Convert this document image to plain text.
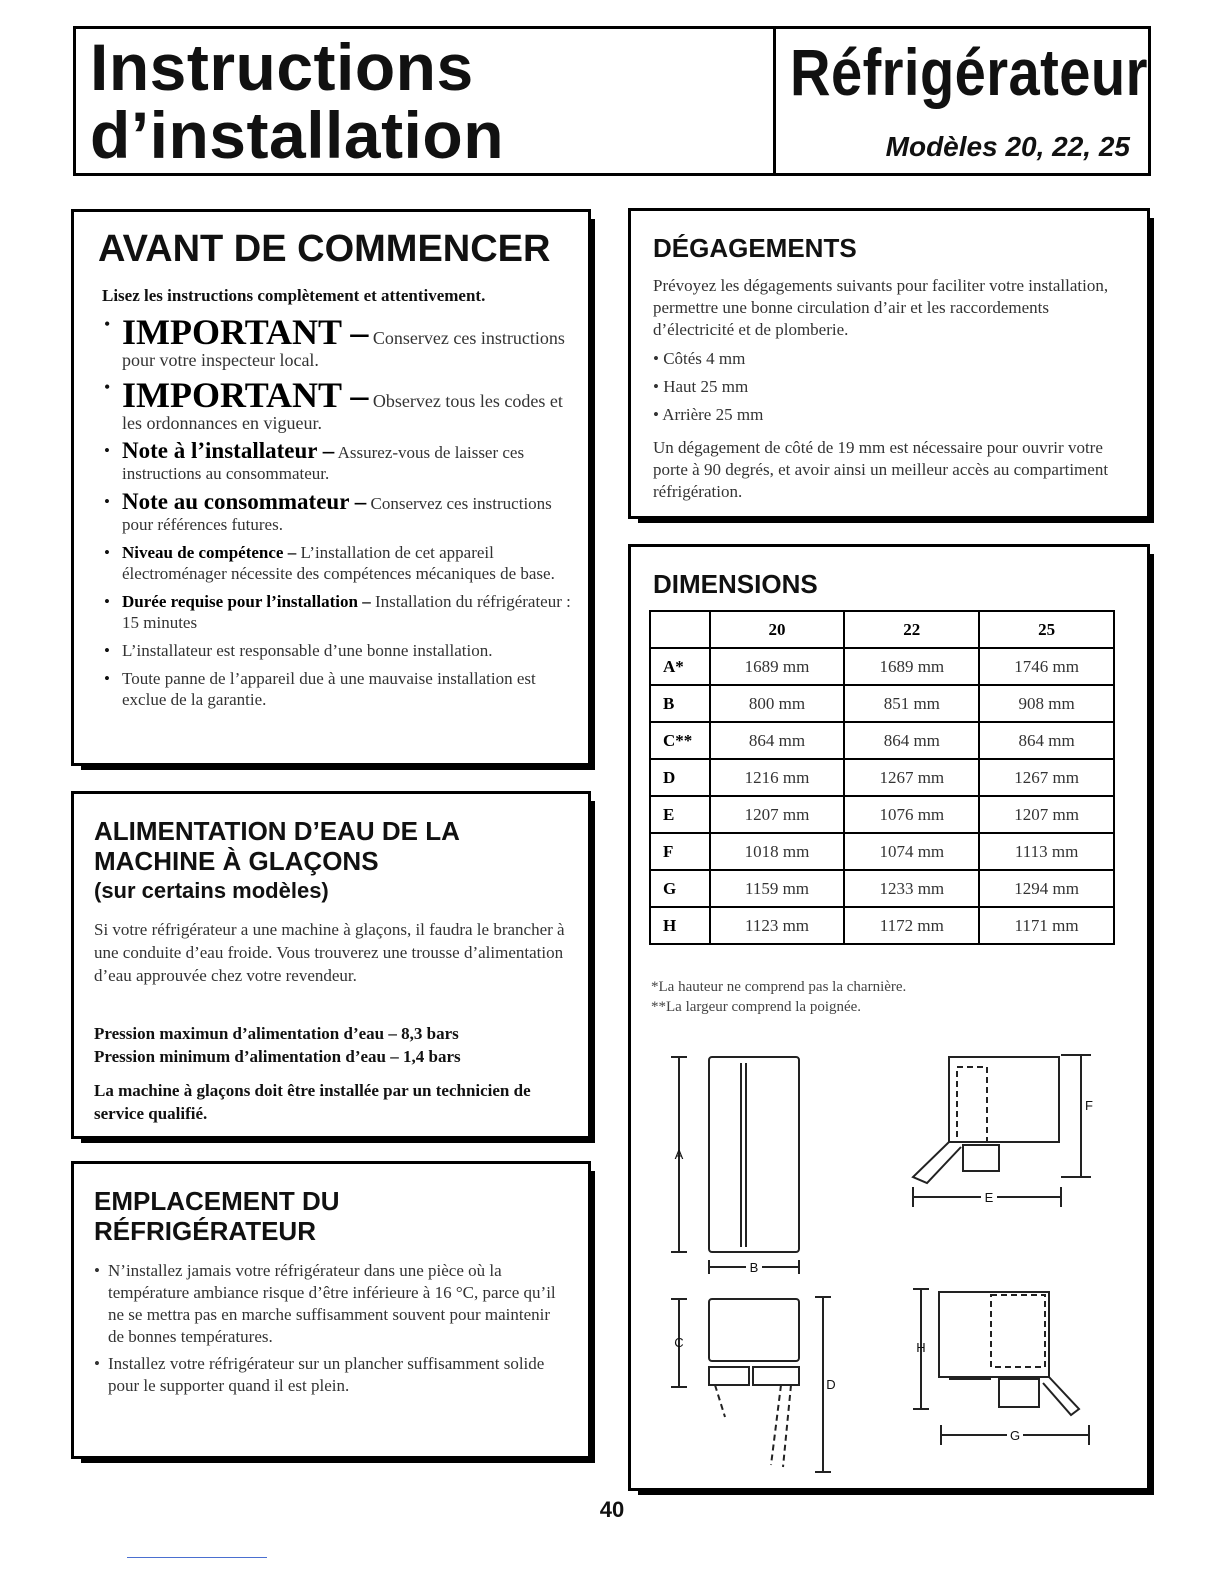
Instructions
d’installation
Réfrigérateur
Modèles 20, 22, 25
AVANT DE COMMENCER
Lisez les instructions complètement et attentivement.
• IMPORTANT – Conservez ces instructions pour votre inspecteur local.
• IMPORTANT – Observez tous les codes et les ordonnances en vigueur.
• Note à l’installateur – Assurez-vous de laisser ces instructions au consommateur.
• Note au consommateur – Conservez ces instructions pour références futures.
• Niveau de compétence – L’installation de cet appareil électroménager nécessite des compétences mécaniques de base.
• Durée requise pour l’installation – Installation du réfrigérateur : 15 minutes
• L’installateur est responsable d’une bonne installation.
• Toute panne de l’appareil due à une mauvaise installation est exclue de la garantie.
ALIMENTATION D’EAU DE LA
MACHINE À GLAÇONS
(sur certains modèles)
Si votre réfrigérateur a une machine à glaçons, il faudra le brancher à une conduite d’eau froide. Vous trouverez une trousse d’alimentation d’eau approuvée chez votre revendeur.
Pression maximun d’alimentation d’eau – 8,3 bars
Pression minimum d’alimentation d’eau – 1,4 bars
La machine à glaçons doit être installée par un technicien de service qualifié.
EMPLACEMENT DU
RÉFRIGÉRATEUR
• N’installez jamais votre réfrigérateur dans une pièce où la température ambiance risque d’être inférieure à 16 °C, parce qu’il ne se mettra pas en marche suffisamment souvent pour maintenir de bonnes températures.
• Installez votre réfrigérateur sur un plancher suffisamment solide pour le supporter quand il est plein.
DÉGAGEMENTS
Prévoyez les dégagements suivants pour faciliter votre installation, permettre une bonne circulation d’air et les raccordements d’électricité et de plomberie.
• Côtés 4 mm
• Haut 25 mm
• Arrière 25 mm
Un dégagement de côté de 19 mm est nécessaire pour ouvrir votre porte à 90 degrés, et avoir ainsi un meilleur accès au compartiment réfrigération.
DIMENSIONS
	20	22	25
A*	1689 mm	1689 mm	1746 mm
B	800 mm	851 mm	908 mm
C**	864 mm	864 mm	864 mm
D	1216 mm	1267 mm	1267 mm
E	1207 mm	1076 mm	1207 mm
F	1018 mm	1074 mm	1113 mm
G	1159 mm	1233 mm	1294 mm
H	1123 mm	1172 mm	1171 mm
*La hauteur ne comprend pas la charnière.
**La largeur comprend la poignée.
A
B
C
D
E
F
G
H
40
